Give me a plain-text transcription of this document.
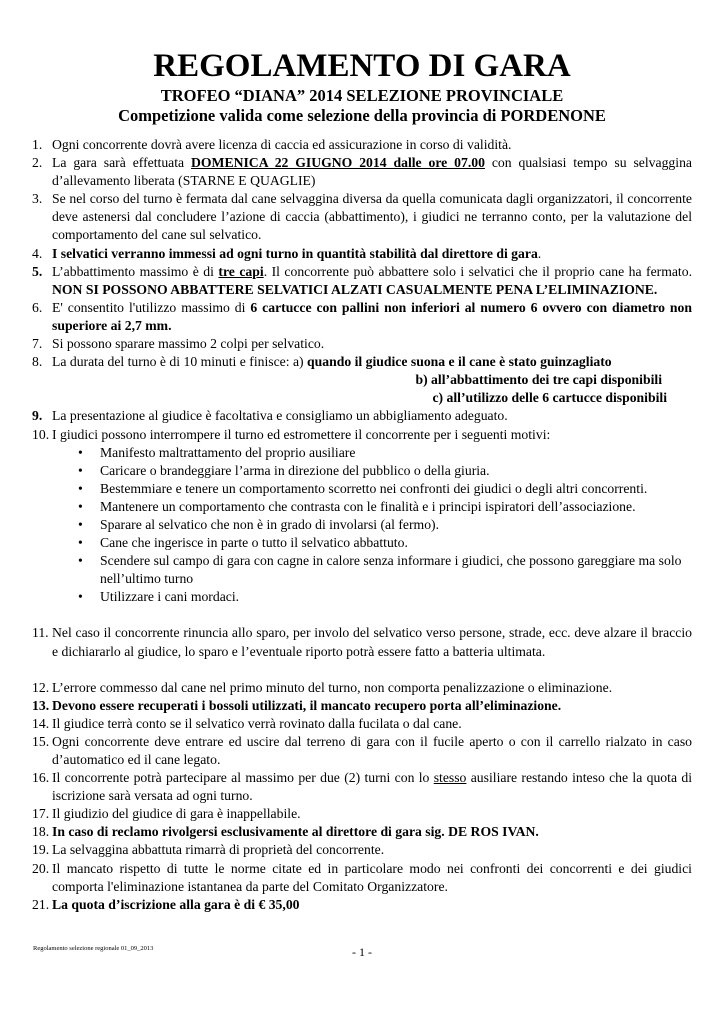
REGOLAMENTO DI GARA
TROFEO “DIANA” 2014 SELEZIONE PROVINCIALE
Competizione valida come selezione della provincia di PORDENONE
1. Ogni concorrente dovrà avere licenza di caccia ed assicurazione in corso di validità.
2. La gara sarà effettuata DOMENICA 22 GIUGNO 2014 dalle ore 07.00 con qualsiasi tempo su selvaggina d’allevamento liberata (STARNE E QUAGLIE)
3. Se nel corso del turno è fermata dal cane selvaggina diversa da quella comunicata dagli organizzatori, il concorrente deve astenersi dal concludere l’azione di caccia (abbattimento), i giudici ne terranno conto, per la valutazione del comportamento del cane sul selvatico.
4. I selvatici verranno immessi ad ogni turno in quantità stabilità dal direttore di gara.
5. L’abbattimento massimo è di tre capi. Il concorrente può abbattere solo i selvatici che il proprio cane ha fermato. NON SI POSSONO ABBATTERE SELVATICI ALZATI CASUALMENTE PENA L’ELIMINAZIONE.
6. E' consentito l'utilizzo massimo di 6 cartucce con pallini non inferiori al numero 6 ovvero con diametro non superiore ai 2,7 mm.
7. Si possono sparare massimo 2 colpi per selvatico.
8. La durata del turno è di 10 minuti e finisce: a) quando il giudice suona e il cane è stato guinzagliato
b) all’abbattimento dei tre capi disponibili
c) all’utilizzo delle 6 cartucce disponibili
9. La presentazione al giudice è facoltativa e consigliamo un abbigliamento adeguato.
10. I giudici possono interrompere il turno ed estromettere il concorrente per i seguenti motivi:
• Manifesto maltrattamento del proprio ausiliare
• Caricare o brandeggiare l’arma in direzione del pubblico o della giuria.
• Bestemmiare e tenere un comportamento scorretto nei confronti dei giudici o degli altri concorrenti.
• Mantenere un comportamento che contrasta con le finalità e i principi ispiratori dell’associazione.
• Sparare al selvatico che non è in grado di involarsi (al fermo).
• Cane che ingerisce in parte o tutto il selvatico abbattuto.
• Scendere sul campo di gara con cagne in calore senza informare i giudici, che possono gareggiare ma solo nell’ultimo turno
• Utilizzare i cani mordaci.
11. Nel caso il concorrente rinuncia allo sparo, per involo del selvatico verso persone, strade, ecc. deve alzare il braccio e dichiararlo al giudice, lo sparo e l’eventuale riporto potrà essere fatto a batteria ultimata.
12. L’errore commesso dal cane nel primo minuto del turno, non comporta penalizzazione o eliminazione.
13. Devono essere recuperati i bossoli utilizzati, il mancato recupero porta all’eliminazione.
14. Il giudice terrà conto se il selvatico verrà rovinato dalla fucilata o dal cane.
15. Ogni concorrente deve entrare ed uscire dal terreno di gara con il fucile aperto o con il carrello rialzato in caso d’automatico ed il cane legato.
16. Il concorrente potrà partecipare al massimo per due (2) turni con lo stesso ausiliare restando inteso che la quota di iscrizione sarà versata ad ogni turno.
17. Il giudizio del giudice di gara è inappellabile.
18. In caso di reclamo rivolgersi esclusivamente al direttore di gara sig. DE ROS IVAN.
19. La selvaggina abbattuta rimarrà di proprietà del concorrente.
20. Il mancato rispetto di tutte le norme citate ed in particolare modo nei confronti dei concorrenti e dei giudici comporta l'eliminazione istantanea da parte del Comitato Organizzatore.
21. La quota d’iscrizione alla gara è di € 35,00
Regolamento selezione regionale 01_09_2013	- 1 -
